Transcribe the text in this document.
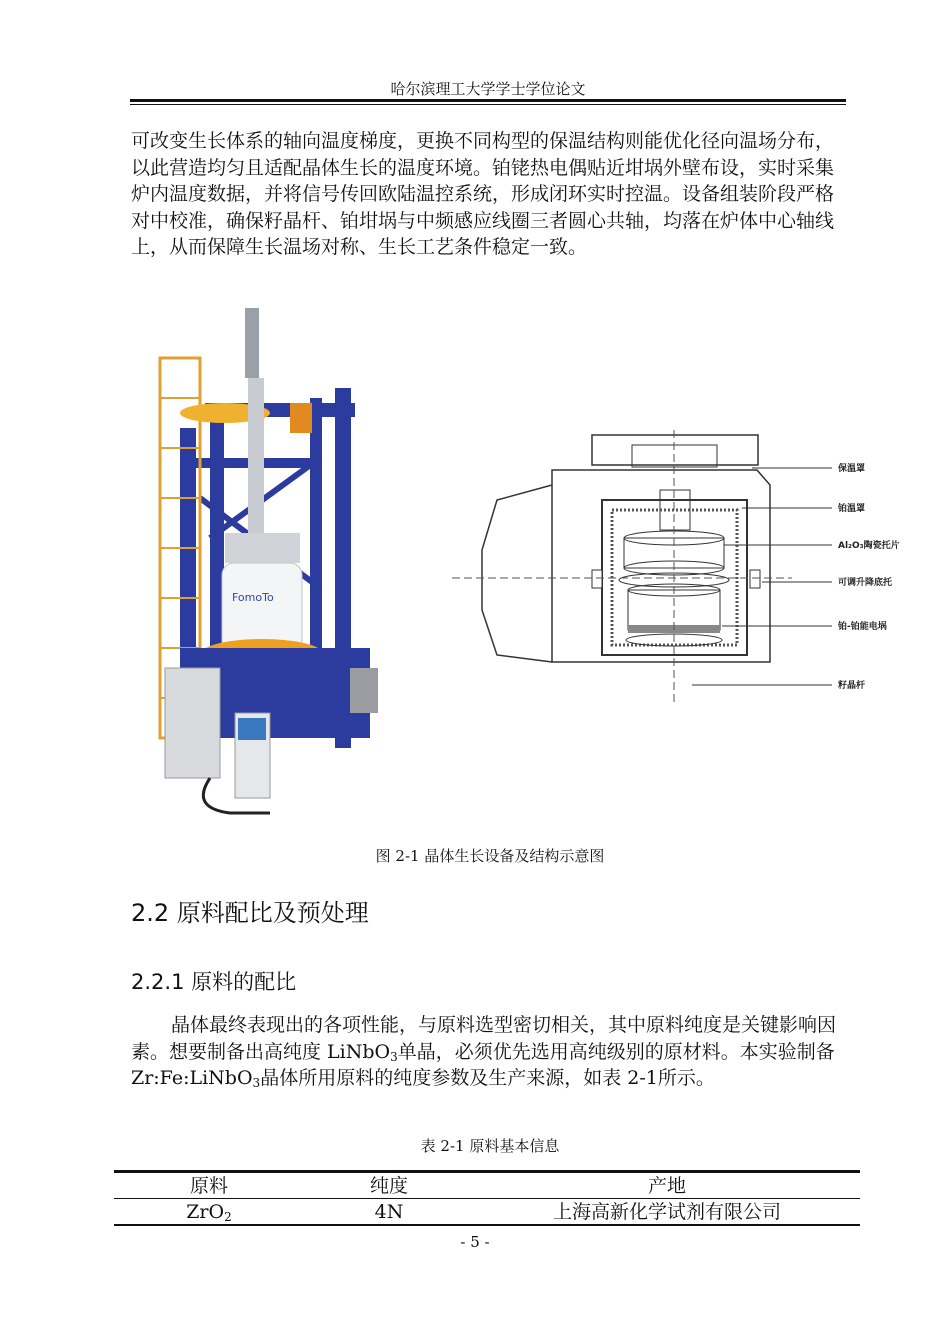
哈尔滨理工大学学士学位论文
可改变生长体系的轴向温度梯度，更换不同构型的保温结构则能优化径向温场分布，以此营造均匀且适配晶体生长的温度环境。铂铑热电偶贴近坩埚外壁布设，实时采集炉内温度数据，并将信号传回欧陆温控系统，形成闭环实时控温。设备组装阶段严格对中校准，确保籽晶杆、铂坩埚与中频感应线圈三者圆心共轴，均落在炉体中心轴线上，从而保障生长温场对称、生长工艺条件稳定一致。
FomoTo
保温罩
铂温罩
Al₂O₃陶瓷托片
可调升降底托
铂-铂能电埚
籽晶杆
图 2-1 晶体生长设备及结构示意图
2.2 原料配比及预处理
2.2.1 原料的配比
晶体最终表现出的各项性能，与原料选型密切相关，其中原料纯度是关键影响因素。想要制备出高纯度 LiNbO$_3$单晶，必须优先选用高纯级别的原材料。本实验制备 Zr:Fe:LiNbO$_3$晶体所用原料的纯度参数及生产来源，如表 2-1所示。
表 2-1 原料基本信息
原料	纯度	产地
ZrO$_2$	4N	上海高新化学试剂有限公司
- 5 -
